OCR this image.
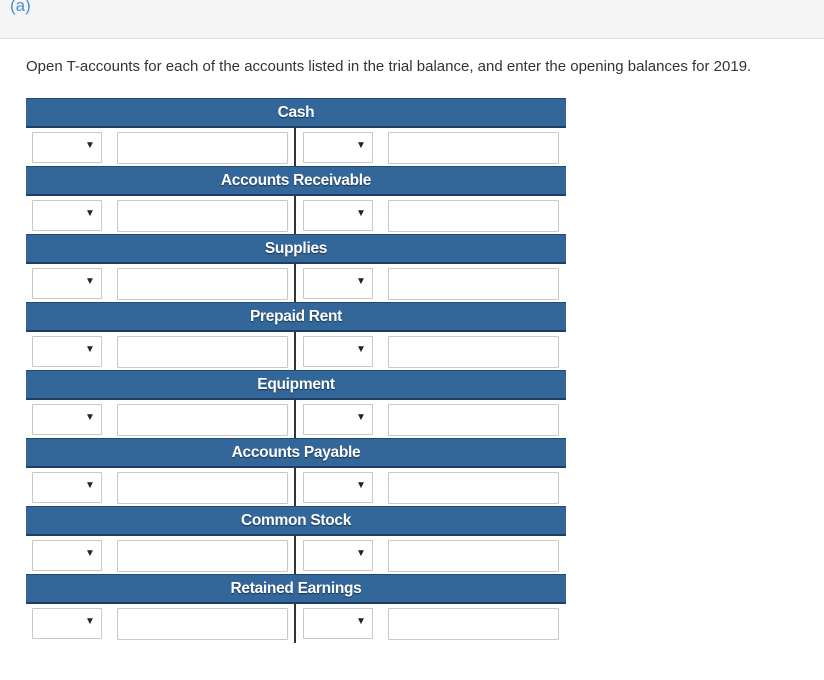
(a)
Open T-accounts for each of the accounts listed in the trial balance, and enter the opening balances for 2019.
Cash
▼	▼
Accounts Receivable
▼	▼
Supplies
▼	▼
Prepaid Rent
▼	▼
Equipment
▼	▼
Accounts Payable
▼	▼
Common Stock
▼	▼
Retained Earnings
▼	▼
